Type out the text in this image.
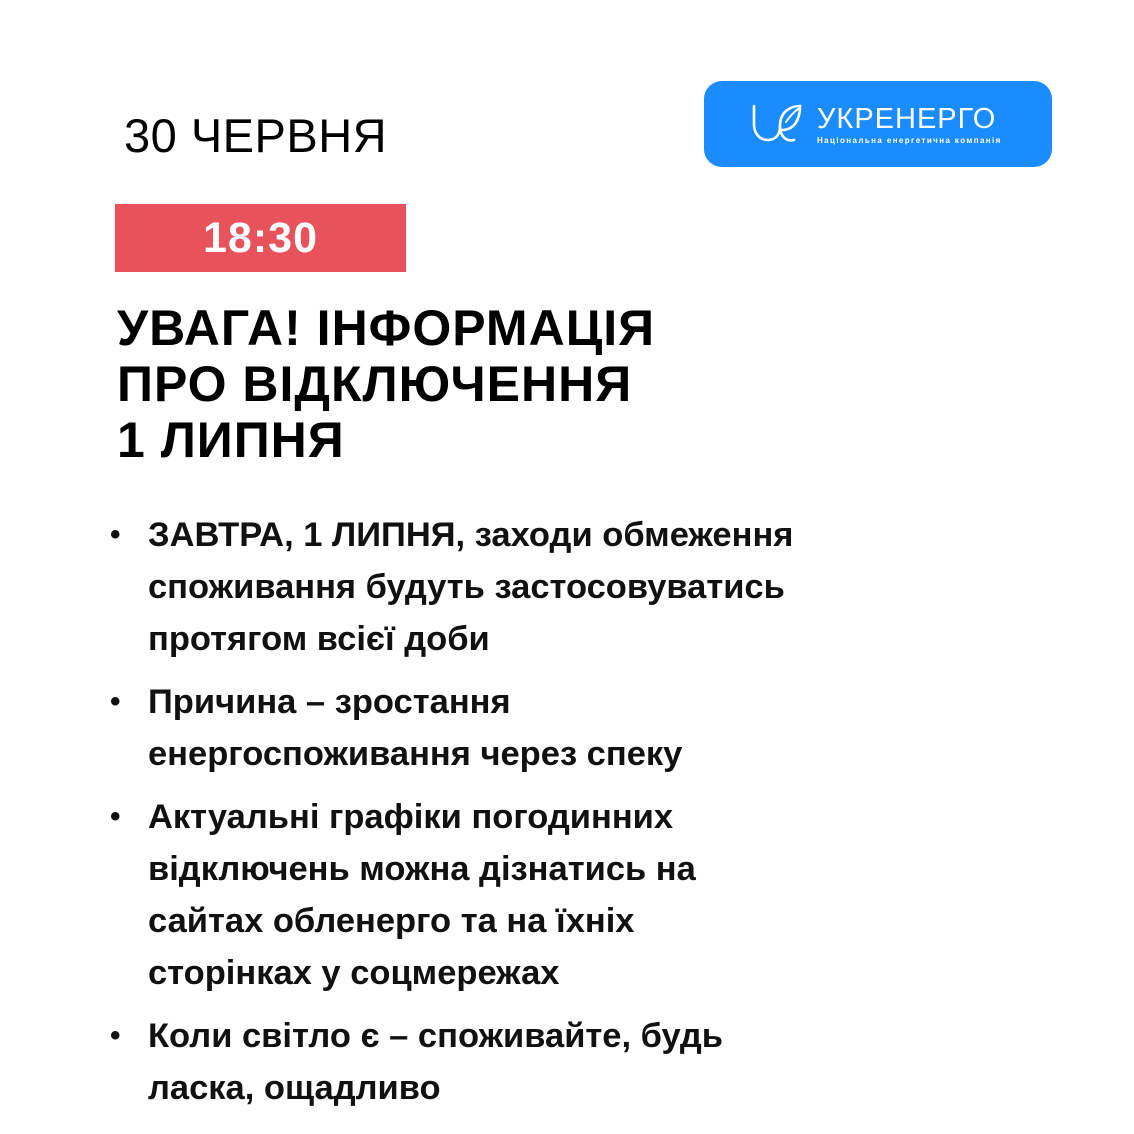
30 ЧЕРВНЯ	УКРЕНЕРГО
Національна енергетична компанія
18:30
УВАГА! ІНФОРМАЦІЯ
ПРО ВІДКЛЮЧЕННЯ
1 ЛИПНЯ
• ЗАВТРА, 1 ЛИПНЯ, заходи обмеження
споживання будуть застосовуватись
протягом всієї доби
• Причина – зростання
енергоспоживання через спеку
• Актуальні графіки погодинних
відключень можна дізнатись на
сайтах обленерго та на їхніх
сторінках у соцмережах
• Коли світло є – споживайте, будь
ласка, ощадливо
